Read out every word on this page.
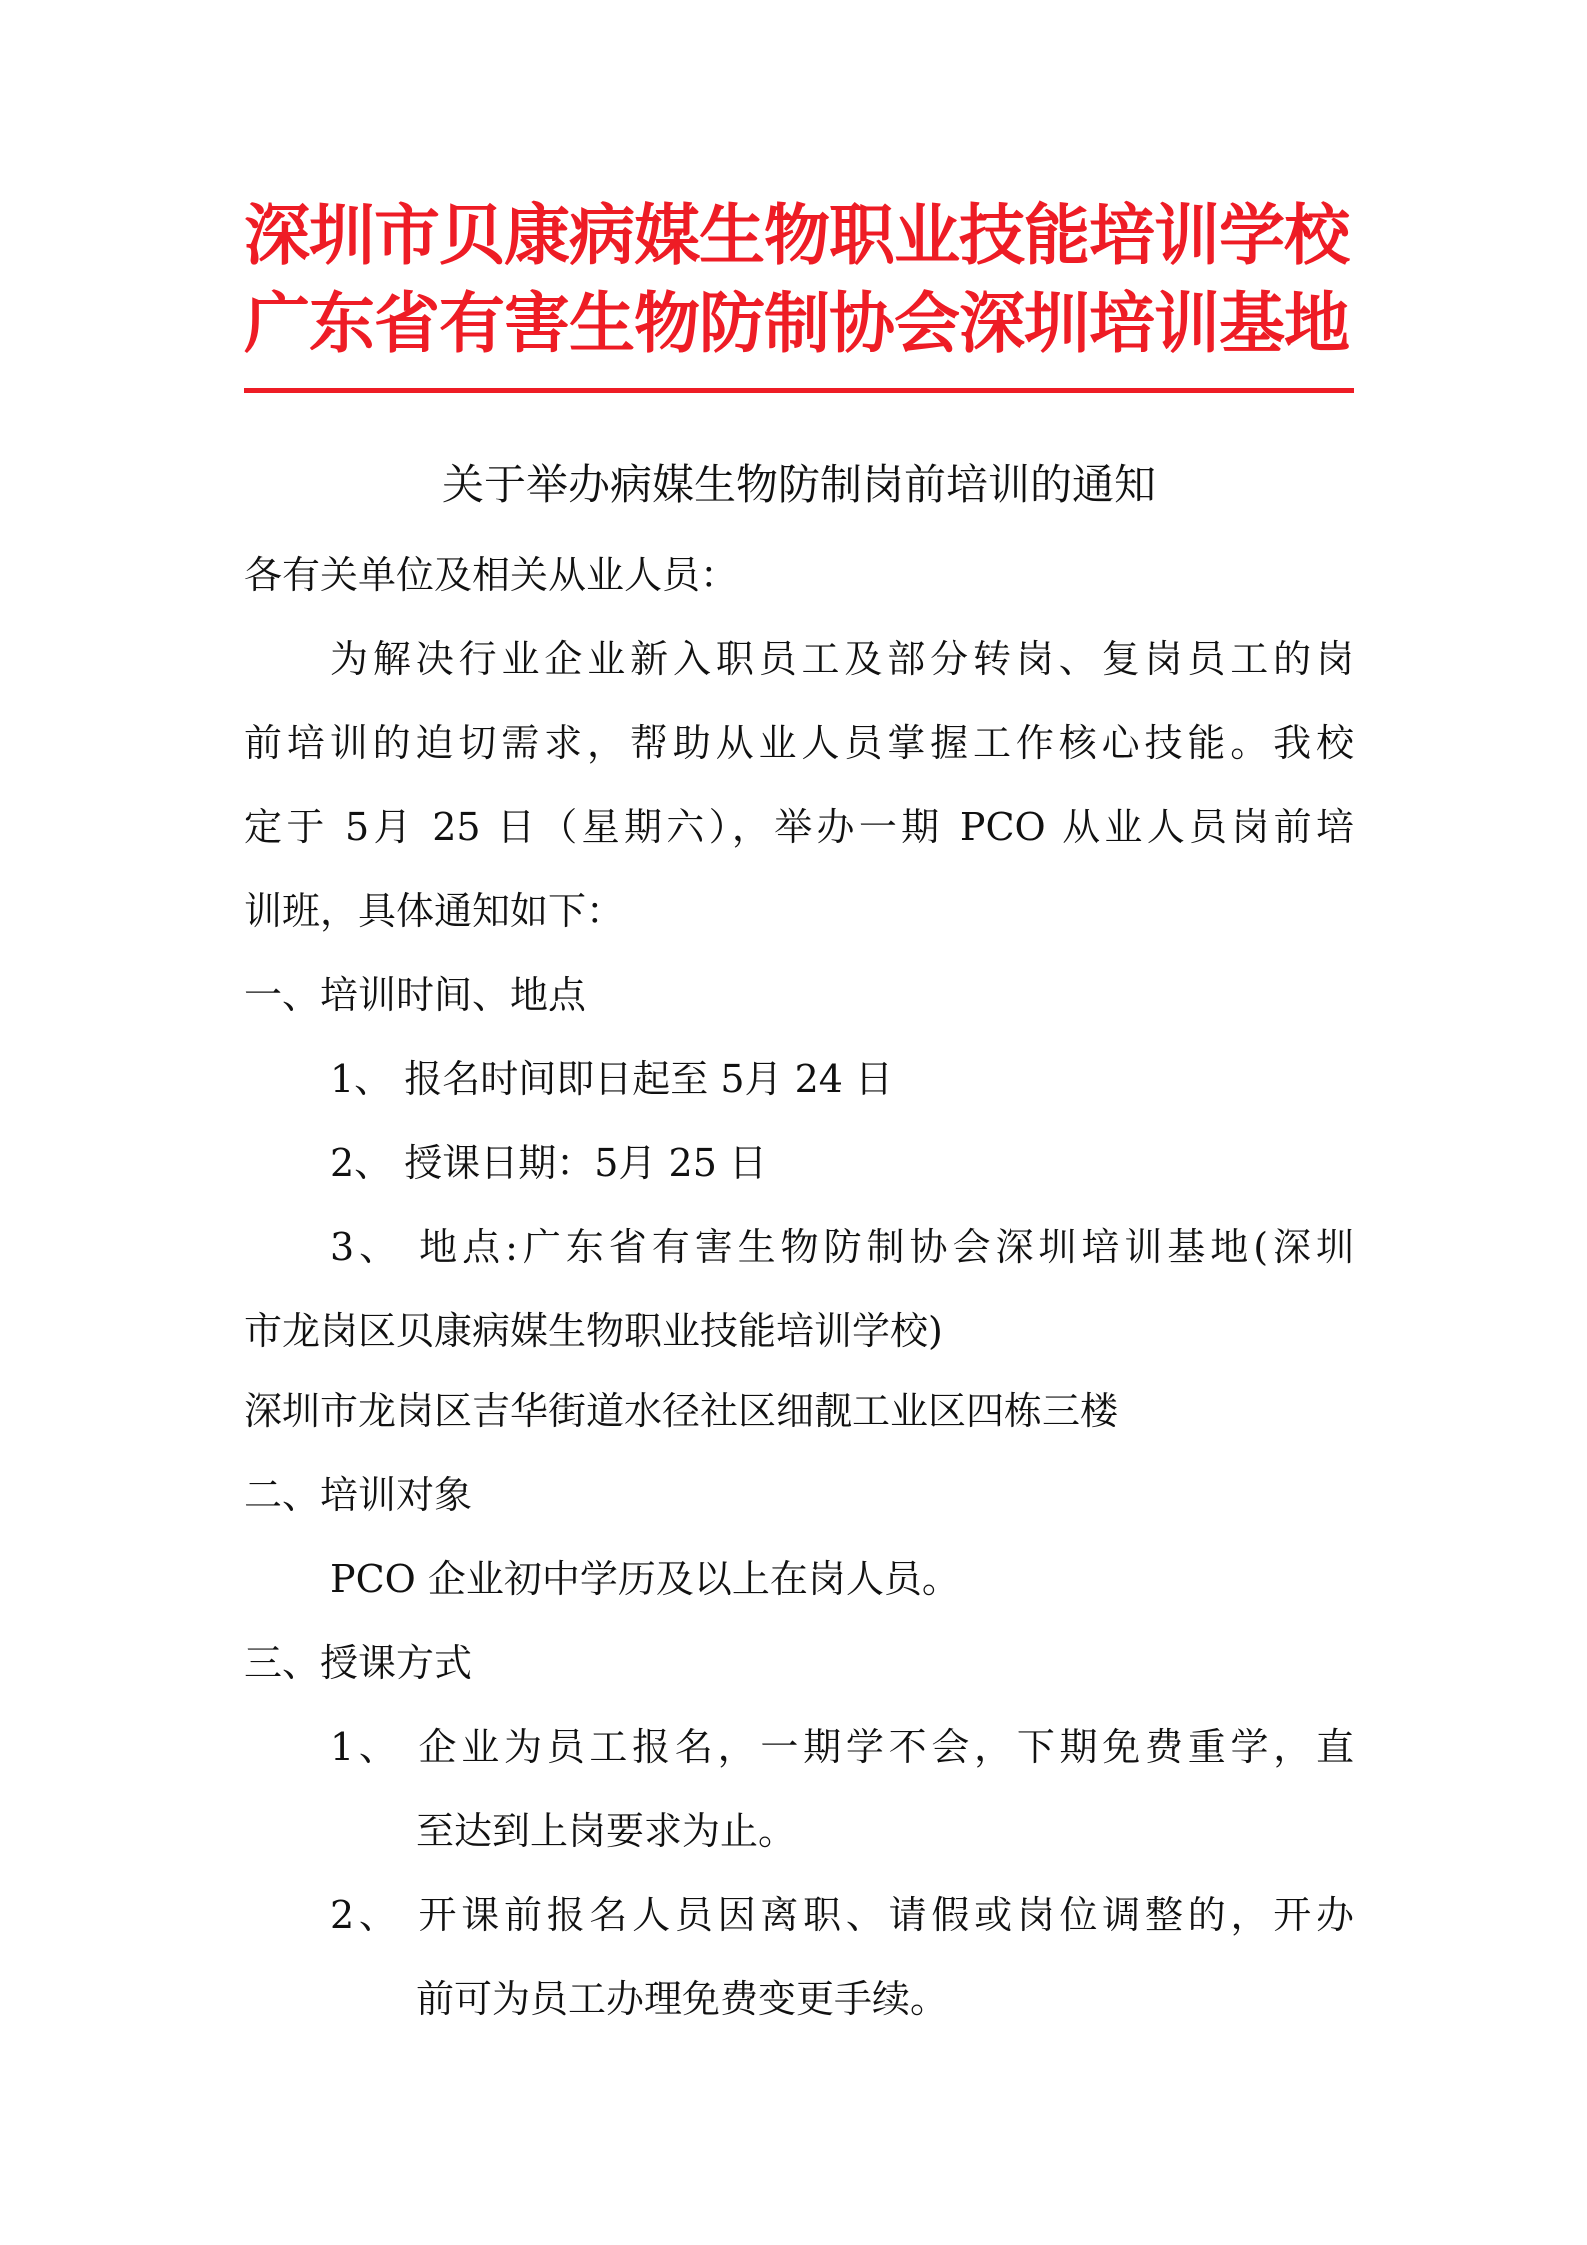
深圳市贝康病媒生物职业技能培训学校
广东省有害生物防制协会深圳培训基地
关于举办病媒生物防制岗前培训的通知
各有关单位及相关从业人员：
为解决行业企业新入职员工及部分转岗、复岗员工的岗
前培训的迫切需求，帮助从业人员掌握工作核心技能。我校
定于 5月 25 日（星期六），举办一期 PCO 从业人员岗前培
训班，具体通知如下：
一、培训时间、地点
1、 报名时间即日起至 5月 24 日
2、 授课日期：5月 25 日
3、 地点:广东省有害生物防制协会深圳培训基地(深圳
市龙岗区贝康病媒生物职业技能培训学校)
深圳市龙岗区吉华街道水径社区细靓工业区四栋三楼
二、培训对象
PCO 企业初中学历及以上在岗人员。
三、授课方式
1、 企业为员工报名，一期学不会，下期免费重学，直
至达到上岗要求为止。
2、 开课前报名人员因离职、请假或岗位调整的，开办
前可为员工办理免费变更手续。
